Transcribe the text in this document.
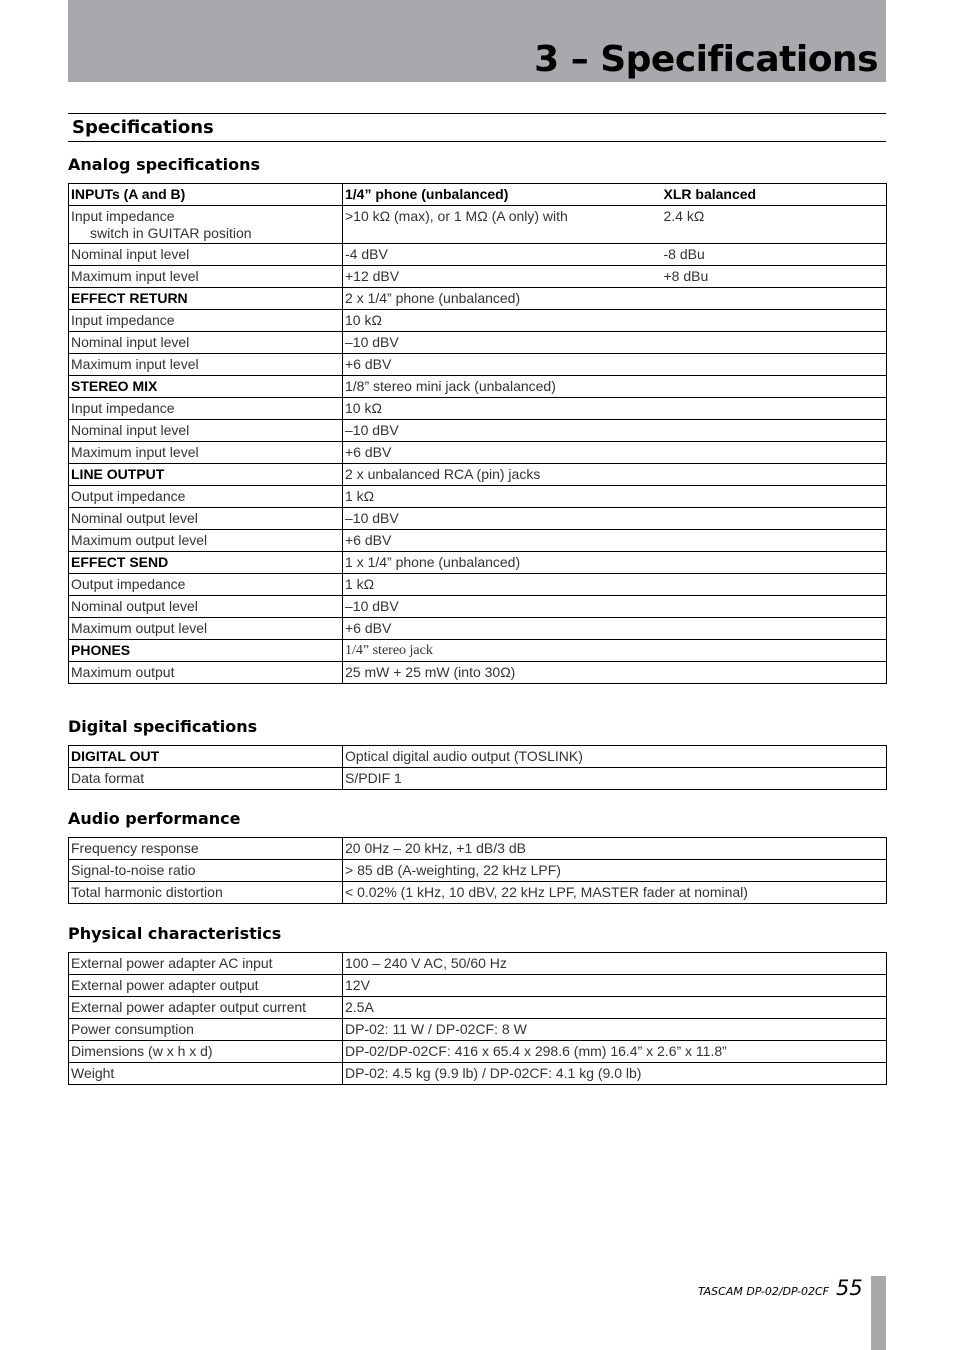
3 – Specifications
Specifications
Analog specifications
INPUTs (A and B)	1/4” phone (unbalanced)	XLR balanced
Input impedance
switch in GUITAR position	>10 kΩ (max), or 1 MΩ (A only) with	2.4 kΩ
Nominal input level	-4 dBV	-8 dBu
Maximum input level	+12 dBV	+8 dBu
EFFECT RETURN	2 x 1/4” phone (unbalanced)	
Input impedance	10 kΩ	
Nominal input level	–10 dBV	
Maximum input level	+6 dBV	
STEREO MIX	1/8” stereo mini jack (unbalanced)	
Input impedance	10 kΩ	
Nominal input level	–10 dBV	
Maximum input level	+6 dBV	
LINE OUTPUT	2 x unbalanced RCA (pin) jacks	
Output impedance	1 kΩ	
Nominal output level	–10 dBV	
Maximum output level	+6 dBV	
EFFECT SEND	1 x 1/4” phone (unbalanced)	
Output impedance	1 kΩ	
Nominal output level	–10 dBV	
Maximum output level	+6 dBV	
PHONES	1/4” stereo jack	
Maximum output	25 mW + 25 mW (into 30Ω)	
Digital specifications
DIGITAL OUT	Optical digital audio output (TOSLINK)
Data format	S/PDIF 1
Audio performance
Frequency response	20 0Hz – 20 kHz, +1 dB/3 dB
Signal-to-noise ratio	> 85 dB (A-weighting, 22 kHz LPF)
Total harmonic distortion	< 0.02% (1 kHz, 10 dBV, 22 kHz LPF, MASTER fader at nominal)
Physical characteristics
External power adapter AC input	100 – 240 V AC, 50/60 Hz
External power adapter output	12V
External power adapter output current	2.5A
Power consumption	DP-02: 11 W / DP-02CF: 8 W
Dimensions (w x h x d)	DP-02/DP-02CF: 416 x 65.4 x 298.6 (mm) 16.4” x 2.6” x 11.8”
Weight	DP-02: 4.5 kg (9.9 lb) / DP-02CF: 4.1 kg (9.0 lb)
TASCAM DP-02/DP-02CF 55
